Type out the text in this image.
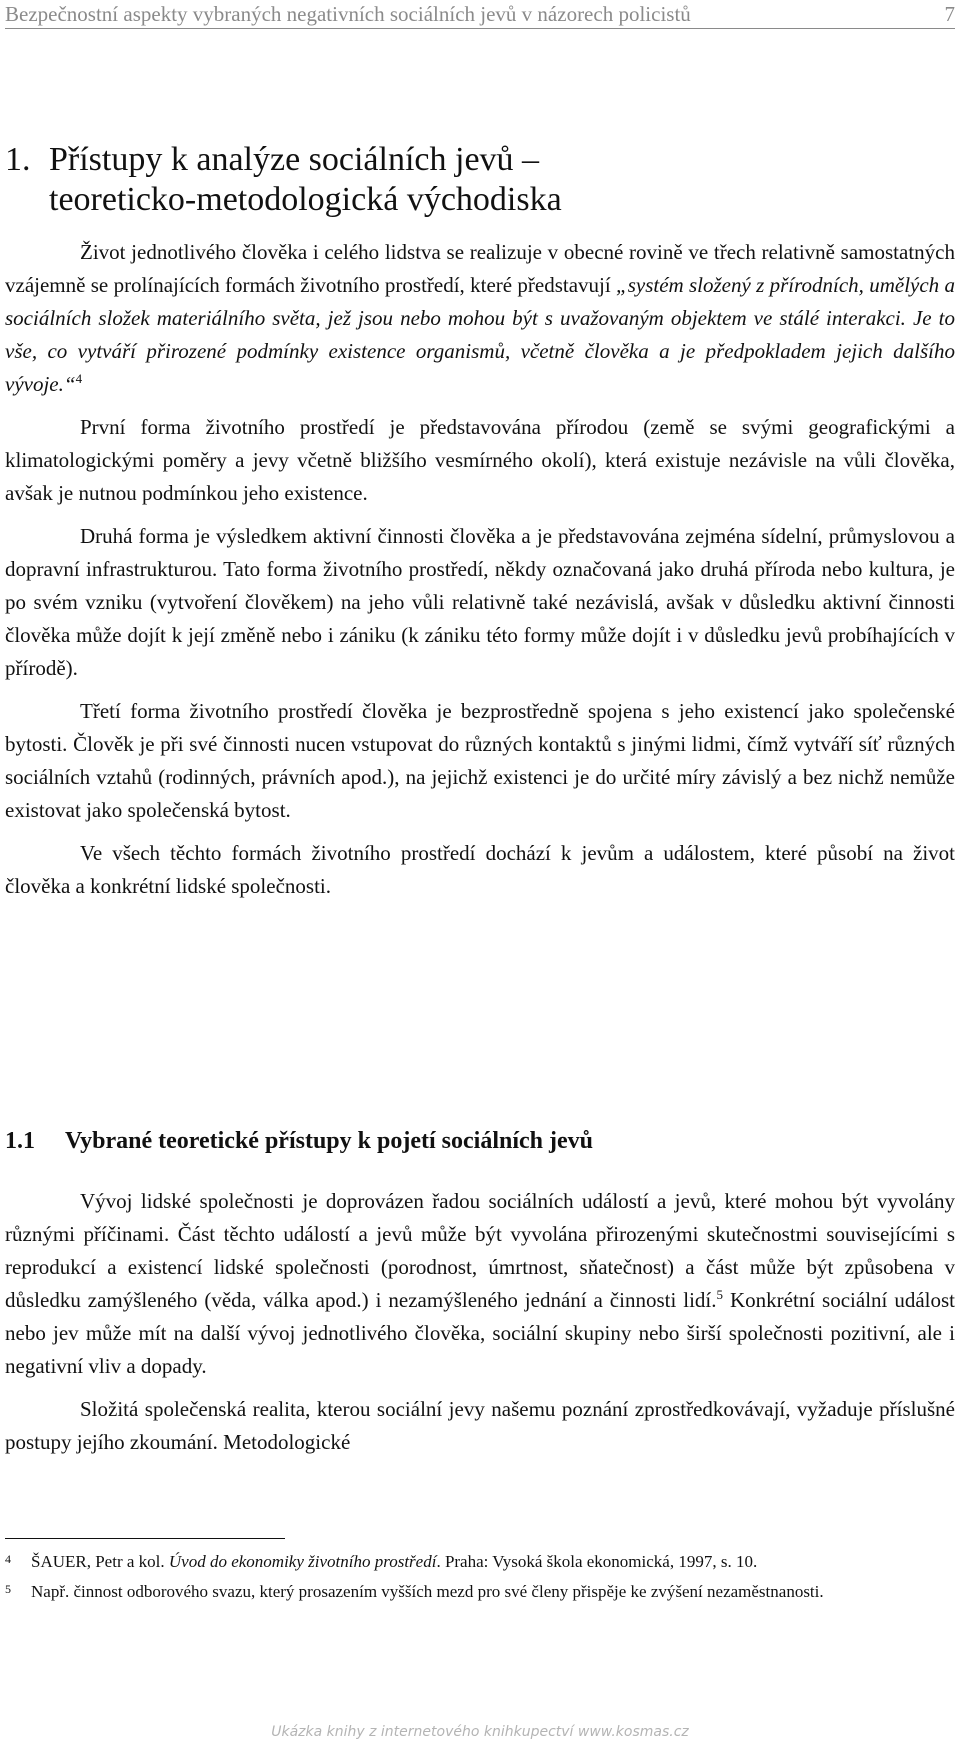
Bezpečnostní aspekty vybraných negativních sociálních jevů v názorech policistů	7
1. Přístupy k analýze sociálních jevů –
teoreticko-metodologická východiska

Život jednotlivého člověka i celého lidstva se realizuje v obecné rovině ve třech relativně samostatných vzájemně se prolínajících formách životního prostředí, které představují „systém složený z přírodních, umělých a sociálních složek materiálního světa, jež jsou nebo mohou být s uvažovaným objektem ve stálé interakci. Je to vše, co vytváří přirozené podmínky existence organismů, včetně člověka a je předpokladem jejich dalšího vývoje.“$^4$

První forma životního prostředí je představována přírodou (země se svými geografickými a klimatologickými poměry a jevy včetně bližšího vesmírného okolí), která existuje nezávisle na vůli člověka, avšak je nutnou podmínkou jeho existence.

Druhá forma je výsledkem aktivní činnosti člověka a je představována zejména sídelní, průmyslovou a dopravní infrastrukturou. Tato forma životního prostředí, někdy označovaná jako druhá příroda nebo kultura, je po svém vzniku (vytvoření člověkem) na jeho vůli relativně také nezávislá, avšak v důsledku aktivní činnosti člověka může dojít k její změně nebo i zániku (k zániku této formy může dojít i v důsledku jevů probíhajících v přírodě).

Třetí forma životního prostředí člověka je bezprostředně spojena s jeho existencí jako společenské bytosti. Člověk je při své činnosti nucen vstupovat do různých kontaktů s jinými lidmi, čímž vytváří síť různých sociálních vztahů (rodinných, právních apod.), na jejichž existenci je do určité míry závislý a bez nichž nemůže existovat jako společenská bytost.

Ve všech těchto formách životního prostředí dochází k jevům a událostem, které působí na život člověka a konkrétní lidské společnosti.

1.1 Vybrané teoretické přístupy k pojetí sociálních jevů

Vývoj lidské společnosti je doprovázen řadou sociálních událostí a jevů, které mohou být vyvolány různými příčinami. Část těchto událostí a jevů může být vyvolána přirozenými skutečnostmi souvisejícími s reprodukcí a existencí lidské společnosti (porodnost, úmrtnost, sňatečnost) a část může být způsobena v důsledku zamýšleného (věda, válka apod.) i nezamýšleného jednání a činnosti lidí.$^5$ Konkrétní sociální událost nebo jev může mít na další vývoj jednotlivého člověka, sociální skupiny nebo širší společnosti pozitivní, ale i negativní vliv a dopady.

Složitá společenská realita, kterou sociální jevy našemu poznání zprostředkovávají, vyžaduje příslušné postupy jejího zkoumání. Metodologické

4 ŠAUER, Petr a kol. Úvod do ekonomiky životního prostředí. Praha: Vysoká škola ekonomická, 1997, s. 10.
5 Např. činnost odborového svazu, který prosazením vyšších mezd pro své členy přispěje ke zvýšení nezaměstnanosti.
Ukázka knihy z internetového knihkupectví www.kosmas.cz
